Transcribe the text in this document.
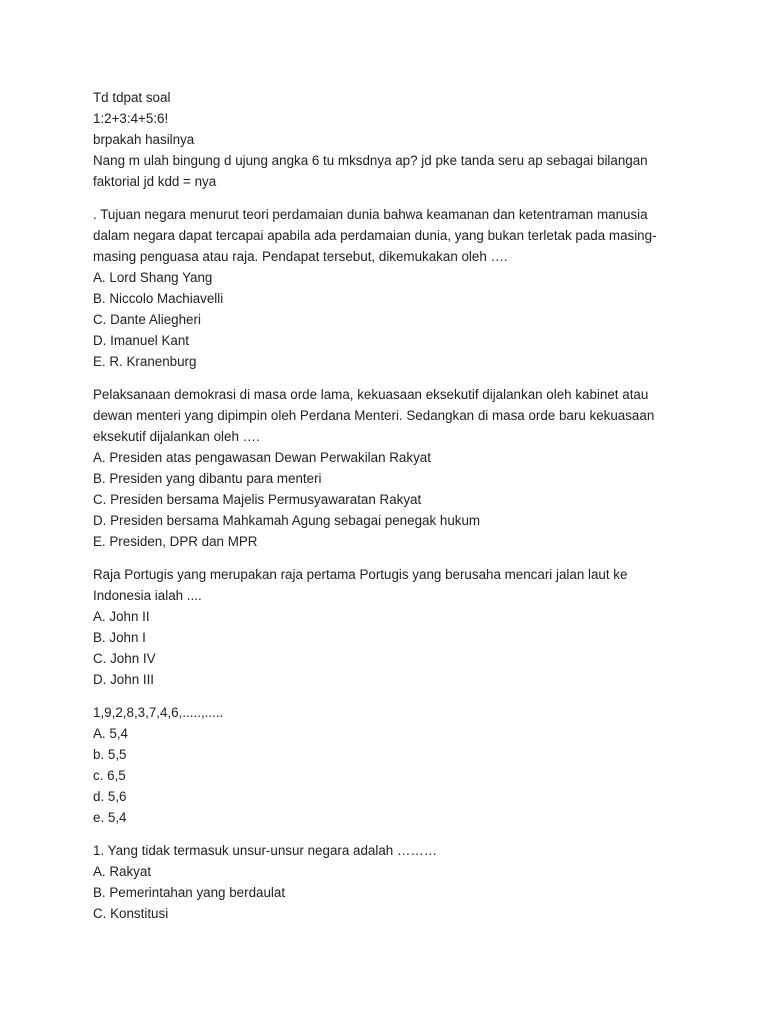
Td tdpat soal
1:2+3:4+5:6!
brpakah hasilnya
Nang m ulah bingung d ujung angka 6 tu mksdnya ap? jd pke tanda seru ap sebagai bilangan
faktorial jd kdd = nya
. Tujuan negara menurut teori perdamaian dunia bahwa keamanan dan ketentraman manusia
dalam negara dapat tercapai apabila ada perdamaian dunia, yang bukan terletak pada masing-
masing penguasa atau raja. Pendapat tersebut, dikemukakan oleh ….
A. Lord Shang Yang
B. Niccolo Machiavelli
C. Dante Aliegheri
D. Imanuel Kant
E. R. Kranenburg
Pelaksanaan demokrasi di masa orde lama, kekuasaan eksekutif dijalankan oleh kabinet atau
dewan menteri yang dipimpin oleh Perdana Menteri. Sedangkan di masa orde baru kekuasaan
eksekutif dijalankan oleh ….
A. Presiden atas pengawasan Dewan Perwakilan Rakyat
B. Presiden yang dibantu para menteri
C. Presiden bersama Majelis Permusyawaratan Rakyat
D. Presiden bersama Mahkamah Agung sebagai penegak hukum
E. Presiden, DPR dan MPR
Raja Portugis yang merupakan raja pertama Portugis yang berusaha mencari jalan laut ke
Indonesia ialah ....
A. John II
B. John I
C. John IV
D. John III
1,9,2,8,3,7,4,6,.....,.....
A. 5,4
b. 5,5
c. 6,5
d. 5,6
e. 5,4
1. Yang tidak termasuk unsur-unsur negara adalah ………
A. Rakyat
B. Pemerintahan yang berdaulat
C. Konstitusi
